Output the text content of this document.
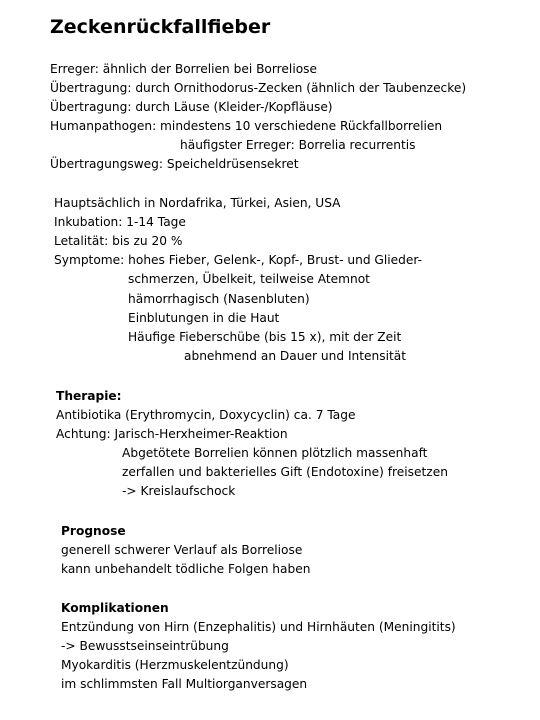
Zeckenrückfallfieber
Erreger: ähnlich der Borrelien bei Borreliose
Übertragung: durch Ornithodorus-Zecken (ähnlich der Taubenzecke)
Übertragung: durch Läuse (Kleider-/Kopfläuse)
Humanpathogen: mindestens 10 verschiedene Rückfallborrelien
häufigster Erreger: Borrelia recurrentis
Übertragungsweg: Speicheldrüsensekret
Hauptsächlich in Nordafrika, Türkei, Asien, USA
Inkubation: 1-14 Tage
Letalität: bis zu 20 %
Symptome: hohes Fieber, Gelenk-, Kopf-, Brust- und Glieder-
schmerzen, Übelkeit, teilweise Atemnot
hämorrhagisch (Nasenbluten)
Einblutungen in die Haut
Häufige Fieberschübe (bis 15 x), mit der Zeit
abnehmend an Dauer und Intensität
Therapie:
Antibiotika (Erythromycin, Doxycyclin) ca. 7 Tage
Achtung: Jarisch-Herxheimer-Reaktion
Abgetötete Borrelien können plötzlich massenhaft
zerfallen und bakterielles Gift (Endotoxine) freisetzen
-> Kreislaufschock
Prognose
generell schwerer Verlauf als Borreliose
kann unbehandelt tödliche Folgen haben
Komplikationen
Entzündung von Hirn (Enzephalitis) und Hirnhäuten (Meningitits)
-> Bewusstseinseintrübung
Myokarditis (Herzmuskelentzündung)
im schlimmsten Fall Multiorganversagen
